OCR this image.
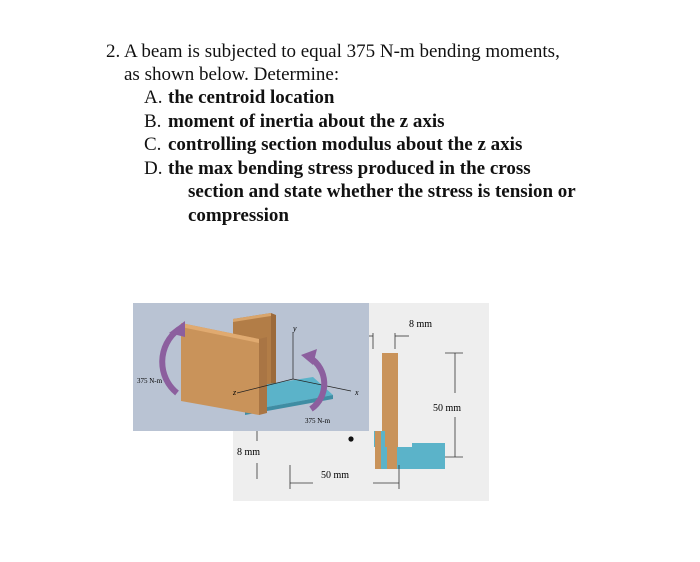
2. A beam is subjected to equal 375 N-m bending moments,
as shown below. Determine:
A. the centroid location
B. moment of inertia about the z axis
C. controlling section modulus about the z axis
D. the max bending stress produced in the cross
section and state whether the stress is tension or
compression
8 mm
50 mm
8 mm
50 mm
y
x
z
375 N-m
375 N-m
